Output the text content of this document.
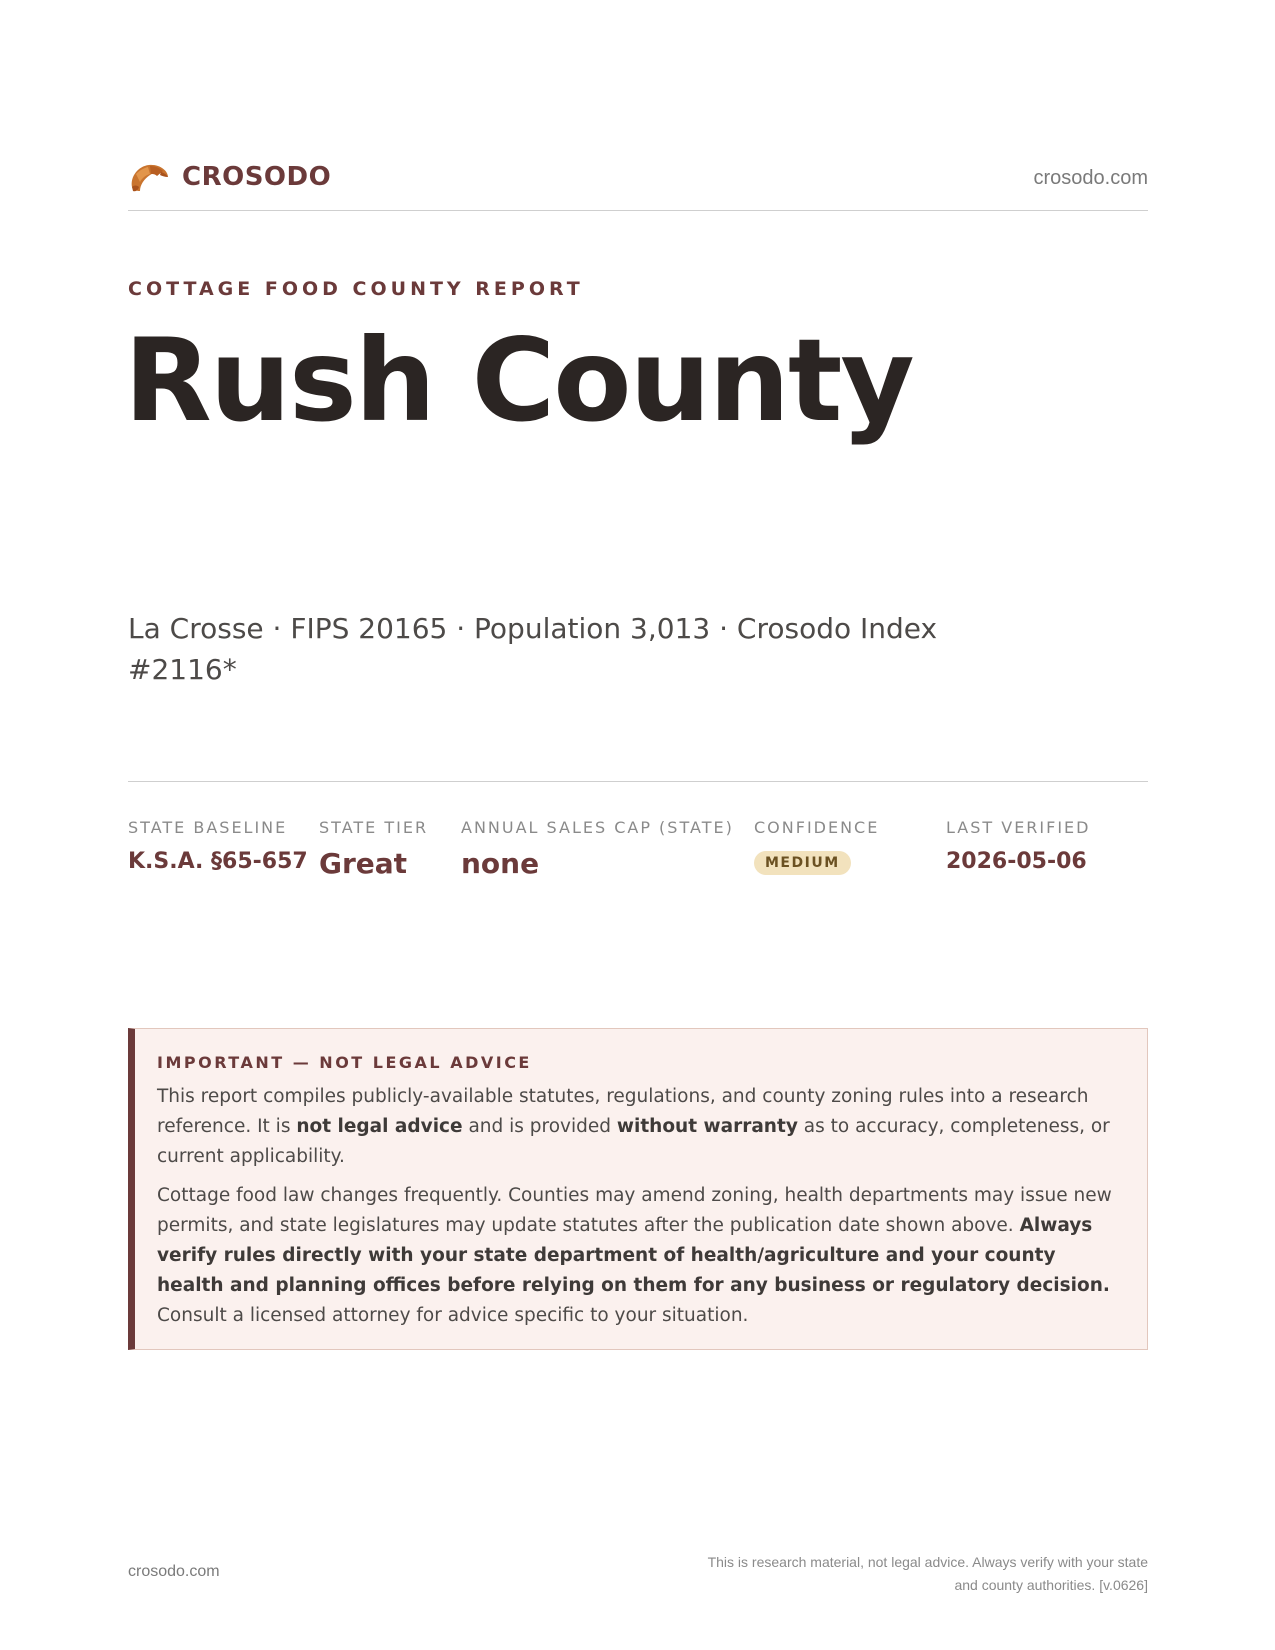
CROSODO	crosodo.com
COTTAGE FOOD COUNTY REPORT
Rush County
La Crosse · FIPS 20165 · Population 3,013 · Crosodo Index #2116*
STATE BASELINE
K.S.A. §65-657
STATE TIER
Great
ANNUAL SALES CAP (STATE)
none
CONFIDENCE
MEDIUM
LAST VERIFIED
2026-05-06
IMPORTANT — NOT LEGAL ADVICE

This report compiles publicly-available statutes, regulations, and county zoning rules into a research reference. It is not legal advice and is provided without warranty as to accuracy, completeness, or current applicability.

Cottage food law changes frequently. Counties may amend zoning, health departments may issue new permits, and state legislatures may update statutes after the publication date shown above. Always verify rules directly with your state department of health/agriculture and your county health and planning offices before relying on them for any business or regulatory decision. Consult a licensed attorney for advice specific to your situation.

crosodo.com
This is research material, not legal advice. Always verify with your state
and county authorities. [v.0626]
